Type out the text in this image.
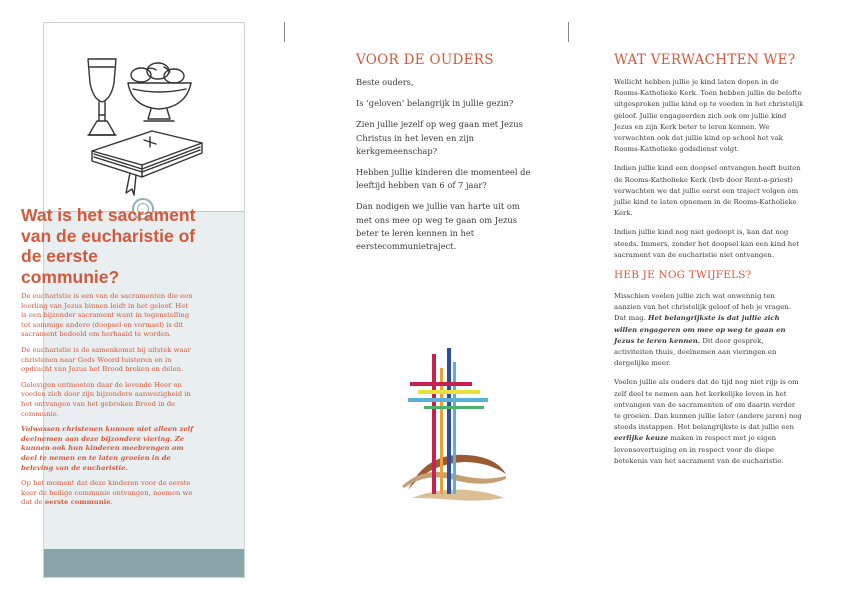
Wat is het sacrament van de eucharistie of de eerste communie?

De eucharistie is een van de sacramenten die een leerling van Jezus binnen leidt in het geloof. Het is een bijzonder sacrament want in tegenstelling tot sommige andere (doopsel en vormsel) is dit sacrament bedoeld om herhaald te worden.

De eucharistie is de samenkomst bij uitstek waar christenen naar Gods Woord luisteren en in opdracht van Jezus het Brood breken en delen.

Gelovigen ontmoeten daar de levende Heer en voeden zich door zijn bijzondere aanwezigheid in het ontvangen van het gebroken Brood in de communie.

Volwassen christenen kunnen niet alleen zelf deelnemen aan deze bijzondere viering. Ze kunnen ook hun kinderen meebrengen om deel te nemen en te laten groeien in de beleving van de eucharistie.

Op het moment dat deze kinderen voor de eerste keer de heilige communie ontvangen, noemen we dat de eerste communie.

VOOR DE OUDERS

Beste ouders,

Is ‘geloven’ belangrijk in jullie gezin?

Zien jullie jezelf op weg gaan met Jezus Christus in het leven en zijn kerkgemeenschap?

Hebben jullie kinderen die momenteel de leeftijd hebben van 6 of 7 jaar?

Dan nodigen we jullie van harte uit om met ons mee op weg te gaan om Jezus beter te leren kennen in het eerstecommunietraject.

WAT VERWACHTEN WE?

Wellicht hebben jullie je kind laten dopen in de Rooms-Katholieke Kerk. Toen hebben jullie de belofte uitgesproken jullie kind op te voeden in het christelijk geloof. Jullie engageerden zich ook om jullie kind Jezus en zijn Kerk beter te leren kennen. We verwachten ook dat jullie kind op school het vak Rooms-Katholieke godsdienst volgt.

Indien jullie kind een doopsel ontvangen heeft buiten de Rooms-Katholieke Kerk (bvb door Rent-a-priest) verwachten we dat jullie eerst een traject volgen om jullie kind te laten opnemen in de Rooms-Katholieke Kerk.

Indien jullie kind nog niet gedoopt is, kan dat nog steeds. Immers, zonder het doopsel kan een kind het sacrament van de eucharistie niet ontvangen.

HEB JE NOG TWIJFELS?

Misschien voelen jullie zich wat onwennig ten aanzien van het christelijk geloof of heb je vragen. Dat mag. Het belangrijkste is dat jullie zich willen engageren om mee op weg te gaan en Jezus te leren kennen. Dit door gesprek, activiteiten thuis, deelnemen aan vieringen en dergelijke meer.

Voelen jullie als ouders dat de tijd nog niet rijp is om zelf deel te nemen aan het kerkelijke leven in het ontvangen van de sacramenten of om daarin verder te groeien. Dan kunnen jullie later (andere jaren) nog steeds instappen. Het belangrijkste is dat jullie een eerlijke keuze maken in respect met je eigen levensovertuiging en in respect voor de diepe betekenis van het sacrament van de eucharistie.
